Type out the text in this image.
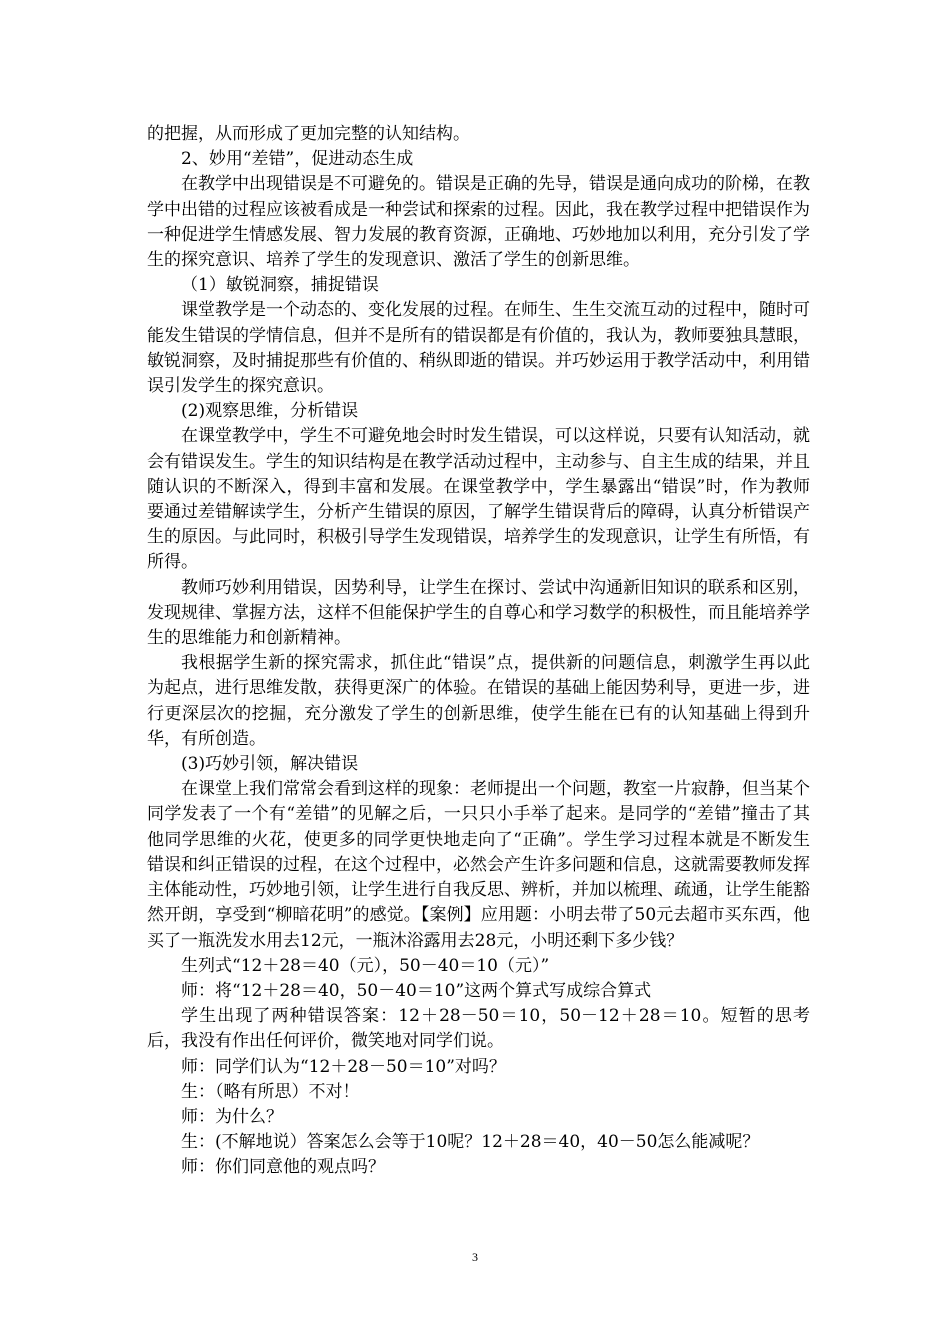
的把握，从而形成了更加完整的认知结构。

2、妙用“差错”，促进动态生成

在教学中出现错误是不可避免的。错误是正确的先导，错误是通向成功的阶梯，在教学中出错的过程应该被看成是一种尝试和探索的过程。因此，我在教学过程中把错误作为一种促进学生情感发展、智力发展的教育资源，正确地、巧妙地加以利用，充分引发了学生的探究意识、培养了学生的发现意识、激活了学生的创新思维。

（1）敏锐洞察，捕捉错误

课堂教学是一个动态的、变化发展的过程。在师生、生生交流互动的过程中，随时可能发生错误的学情信息，但并不是所有的错误都是有价值的，我认为，教师要独具慧眼，敏锐洞察，及时捕捉那些有价值的、稍纵即逝的错误。并巧妙运用于教学活动中，利用错误引发学生的探究意识。

(2)观察思维，分析错误

在课堂教学中，学生不可避免地会时时发生错误，可以这样说，只要有认知活动，就会有错误发生。学生的知识结构是在教学活动过程中，主动参与、自主生成的结果，并且随认识的不断深入，得到丰富和发展。在课堂教学中，学生暴露出“错误”时，作为教师要通过差错解读学生，分析产生错误的原因，了解学生错误背后的障碍，认真分析错误产生的原因。与此同时，积极引导学生发现错误，培养学生的发现意识，让学生有所悟，有所得。

教师巧妙利用错误，因势利导，让学生在探讨、尝试中沟通新旧知识的联系和区别，发现规律、掌握方法，这样不但能保护学生的自尊心和学习数学的积极性，而且能培养学生的思维能力和创新精神。

我根据学生新的探究需求，抓住此“错误”点，提供新的问题信息，刺激学生再以此为起点，进行思维发散，获得更深广的体验。在错误的基础上能因势利导，更进一步，进行更深层次的挖掘，充分激发了学生的创新思维，使学生能在已有的认知基础上得到升华，有所创造。

(3)巧妙引领，解决错误

在课堂上我们常常会看到这样的现象：老师提出一个问题，教室一片寂静，但当某个同学发表了一个有“差错”的见解之后，一只只小手举了起来。是同学的“差错”撞击了其他同学思维的火花，使更多的同学更快地走向了“正确”。学生学习过程本就是不断发生错误和纠正错误的过程，在这个过程中，必然会产生许多问题和信息，这就需要教师发挥主体能动性，巧妙地引领，让学生进行自我反思、辨析，并加以梳理、疏通，让学生能豁然开朗，享受到“柳暗花明”的感觉。【案例】应用题：小明去带了50元去超市买东西，他买了一瓶洗发水用去12元，一瓶沐浴露用去28元，小明还剩下多少钱？

生列式“12＋28＝40（元），50－40＝10（元）”

师：将“12＋28＝40，50－40＝10”这两个算式写成综合算式

学生出现了两种错误答案：12＋28－50＝10，50－12＋28＝10。短暂的思考后，我没有作出任何评价，微笑地对同学们说。

师：同学们认为“12＋28－50＝10”对吗？

生：（略有所思）不对！

师：为什么？

生：(不解地说）答案怎么会等于10呢？12＋28＝40，40－50怎么能减呢？

师：你们同意他的观点吗？

3
